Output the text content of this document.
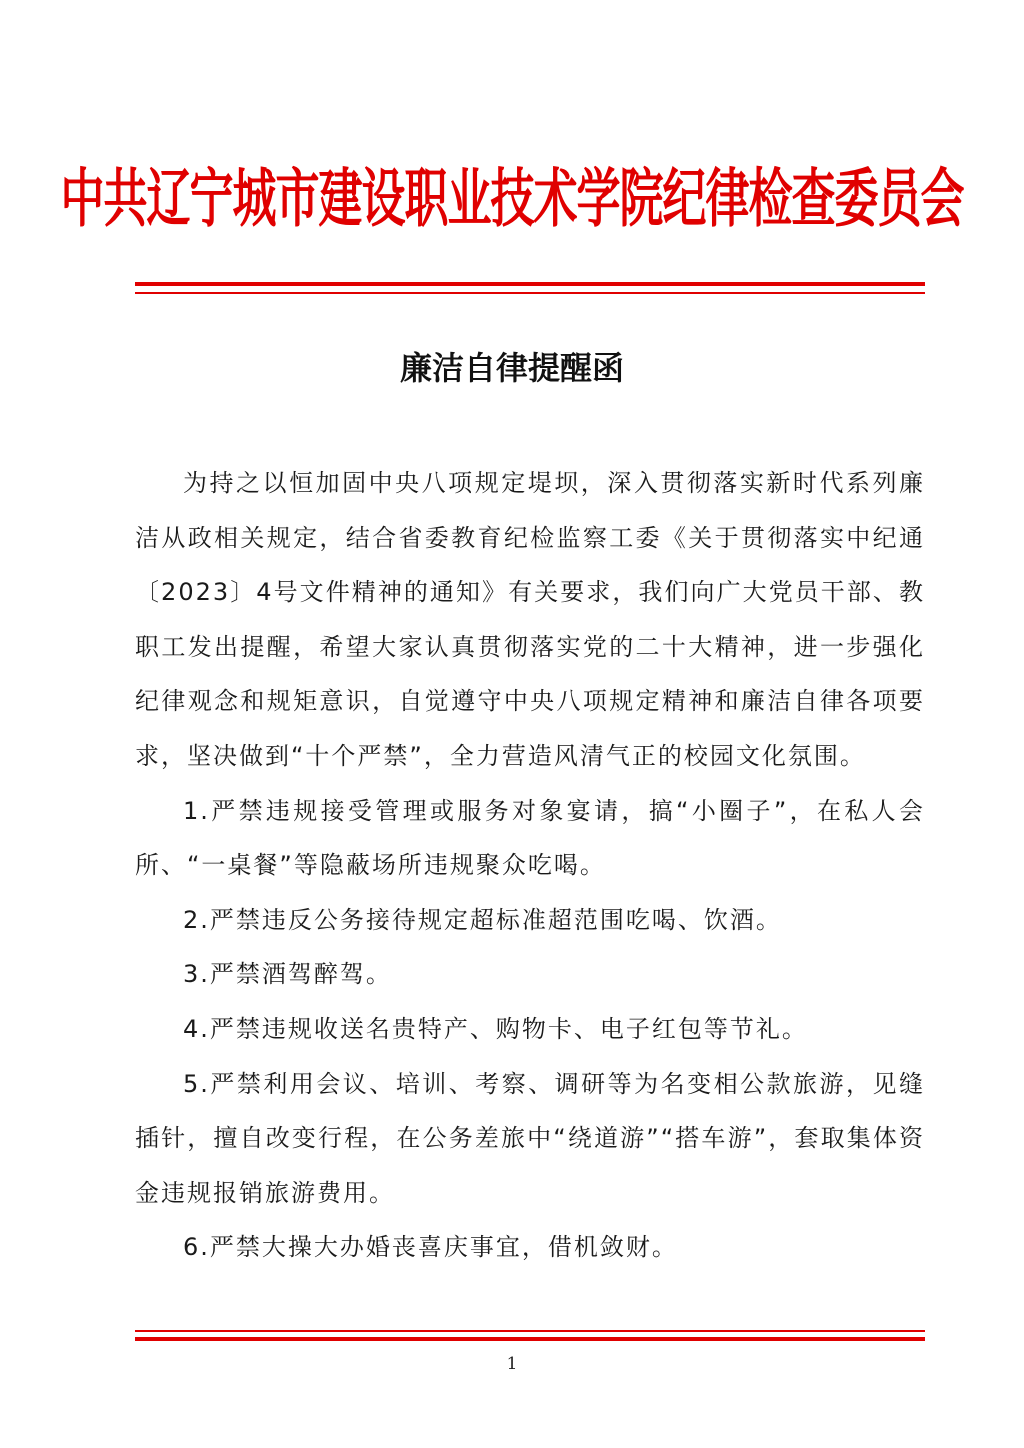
中共辽宁城市建设职业技术学院纪律检查委员会
廉洁自律提醒函

为持之以恒加固中央八项规定堤坝，深入贯彻落实新时代系列廉洁从政相关规定，结合省委教育纪检监察工委《关于贯彻落实中纪通〔2023〕4号文件精神的通知》有关要求，我们向广大党员干部、教职工发出提醒，希望大家认真贯彻落实党的二十大精神，进一步强化纪律观念和规矩意识，自觉遵守中央八项规定精神和廉洁自律各项要求，坚决做到“十个严禁”，全力营造风清气正的校园文化氛围。

1.严禁违规接受管理或服务对象宴请，搞“小圈子”，在私人会所、“一桌餐”等隐蔽场所违规聚众吃喝。

2.严禁违反公务接待规定超标准超范围吃喝、饮酒。

3.严禁酒驾醉驾。

4.严禁违规收送名贵特产、购物卡、电子红包等节礼。

5.严禁利用会议、培训、考察、调研等为名变相公款旅游，见缝插针，擅自改变行程，在公务差旅中“绕道游”“搭车游”，套取集体资金违规报销旅游费用。

6.严禁大操大办婚丧喜庆事宜，借机敛财。

1
